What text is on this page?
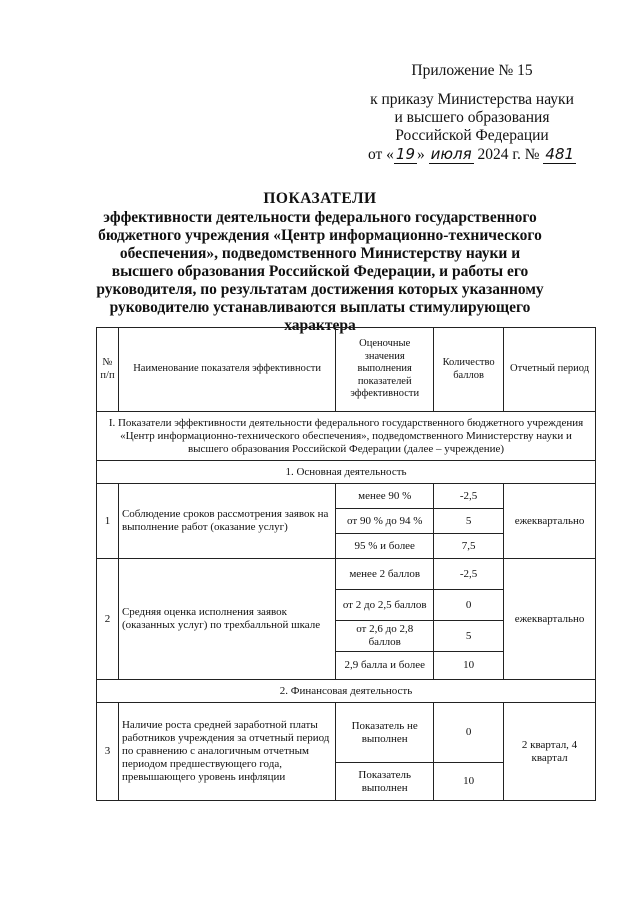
Приложение № 15
к приказу Министерства науки
и высшего образования
Российской Федерации
от « 19 » июля 2024 г. № 481
ПОКАЗАТЕЛИ
эффективности деятельности федерального государственного бюджетного учреждения «Центр информационно-технического обеспечения», подведомственного Министерству науки и высшего образования Российской Федерации, и работы его руководителя, по результатам достижения которых указанному руководителю устанавливаются выплаты стимулирующего характера
№ п/п	Наименование показателя эффективности	Оценочные значения выполнения показателей эффективности	Количество баллов	Отчетный период
I. Показатели эффективности деятельности федерального государственного бюджетного учреждения «Центр информационно-технического обеспечения», подведомственного Министерству науки и высшего образования Российской Федерации (далее – учреждение)				
1. Основная деятельность				
1	Соблюдение сроков рассмотрения заявок на выполнение работ (оказание услуг)	менее 90 %	-2,5	ежеквартально
		от 90 % до 94 %	5	
		95 % и более	7,5	
2	Средняя оценка исполнения заявок (оказанных услуг) по трехбалльной шкале	менее 2 баллов	-2,5	ежеквартально
		от 2 до 2,5 баллов	0	
		от 2,6 до 2,8 баллов	5	
		2,9 балла и более	10	
2. Финансовая деятельность				
3	Наличие роста средней заработной платы работников учреждения за отчетный период по сравнению с аналогичным отчетным периодом предшествующего года, превышающего уровень инфляции	Показатель не выполнен	0	2 квартал, 4 квартал
		Показатель выполнен	10	
